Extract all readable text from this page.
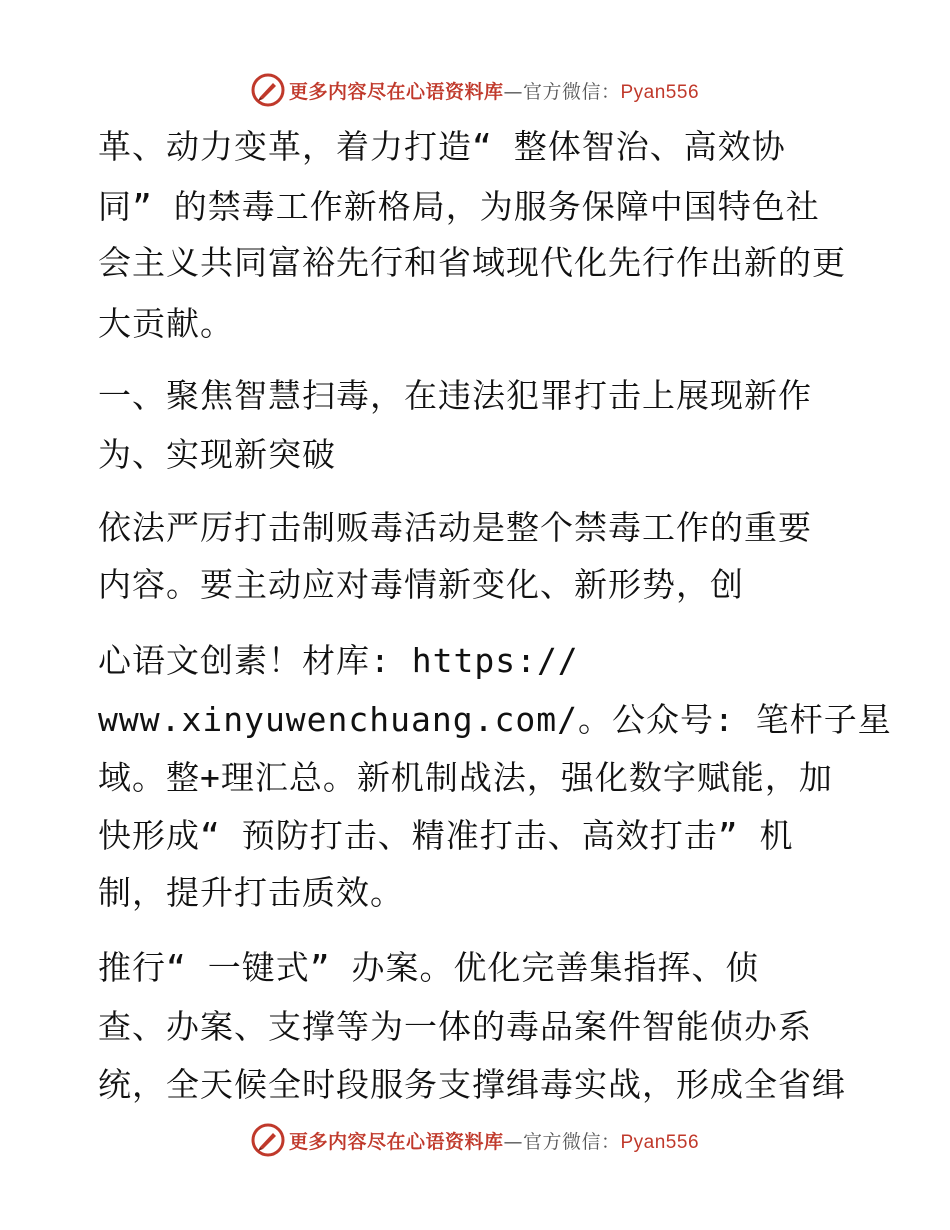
更多内容尽在心语资料库—官方微信：Pyan556
革、动力变革，着力打造“ 整体智治、高效协
同” 的禁毒工作新格局，为服务保障中国特色社
会主义共同富裕先行和省域现代化先行作出新的更
大贡献。
一、聚焦智慧扫毒，在违法犯罪打击上展现新作
为、实现新突破
依法严厉打击制贩毒活动是整个禁毒工作的重要
内容。要主动应对毒情新变化、新形势，创
心语文创素！材库: https://
www.xinyuwenchuang.com/。公众号: 笔杆子星
域。整+理汇总。新机制战法，强化数字赋能，加
快形成“ 预防打击、精准打击、高效打击” 机
制，提升打击质效。
推行“ 一键式” 办案。优化完善集指挥、侦
查、办案、支撑等为一体的毒品案件智能侦办系
统，全天候全时段服务支撑缉毒实战，形成全省缉
更多内容尽在心语资料库—官方微信：Pyan556
